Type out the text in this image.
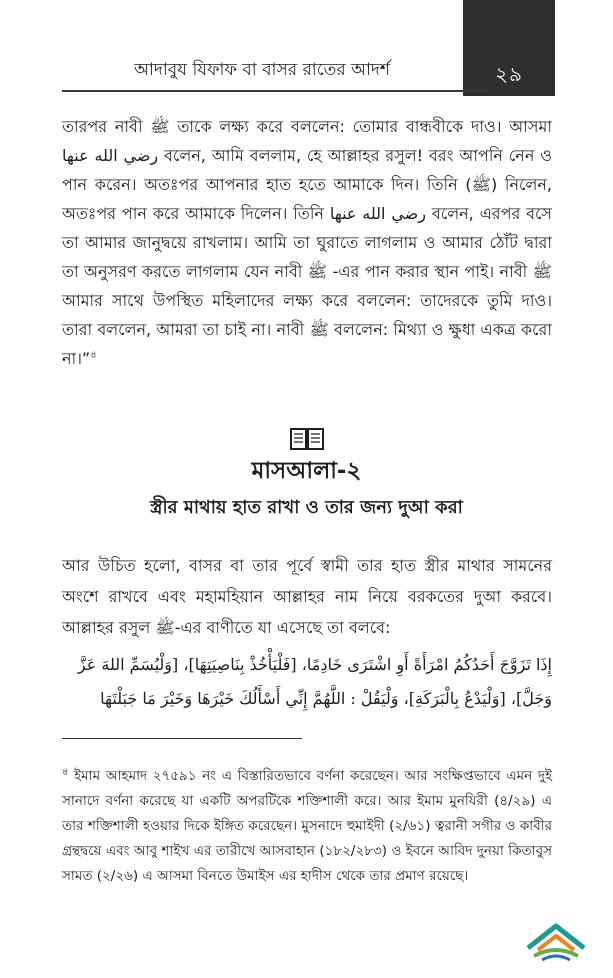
২৯
আদাবুয যিফাফ বা বাসর রাতের আদর্শ

তারপর নাবী ﷺ তাকে লক্ষ্য করে বললেন: তোমার বান্ধবীকে দাও। আসমা رضي الله عنها বলেন, আমি বললাম, হে আল্লাহর রসুল! বরং আপনি নেন ও পান করেন। অতঃপর আপনার হাত হতে আমাকে দিন। তিনি (ﷺ) নিলেন, অতঃপর পান করে আমাকে দিলেন। তিনি رضي الله عنها বলেন, এরপর বসে তা আমার জানুদ্বয়ে রাখলাম। আমি তা ঘুরাতে লাগলাম ও আমার ঠোঁট দ্বারা তা অনুসরণ করতে লাগলাম যেন নাবী ﷺ -এর পান করার স্থান পাই। নাবী ﷺ আমার সাথে উপস্থিত মহিলাদের লক্ষ্য করে বললেন: তাদেরকে তুমি দাও। তারা বললেন, আমরা তা চাই না। নাবী ﷺ বললেন: মিথ্যা ও ক্ষুধা একত্র করো না।”$^৪$

মাসআলা-২
স্ত্রীর মাথায় হাত রাখা ও তার জন্য দুআ করা

আর উচিত হলো, বাসর বা তার পূর্বে স্বামী তার হাত স্ত্রীর মাথার সামনের অংশে রাখবে এবং মহামহিয়ান আল্লাহর নাম নিয়ে বরকতের দুআ করবে। আল্লাহর রসুল ﷺ-এর বাণীতে যা এসেছে তা বলবে:

إِذَا تَزَوَّجَ أَحَدُكُمُ امْرَأَةً أَوِ اشْتَرَى خَادِمًا، [فَلْيَأْخُذْ بِنَاصِيَتِهَا]، [وَلْيُسَمِّ اللهَ عَزَّ

وَجَلَّ]، [وَلْيَدْعُ بِالْبَرَكَةِ]، وَلْيَقُلْ : اللَّهُمَّ إِنِّي أَسْأَلُكَ خَيْرَهَا وَخَيْرَ مَا جَبَلْتَهَا

$^৪$ ইমাম আহমাদ ২৭৫৯১ নং এ বিস্তারিতভাবে বর্ণনা করেছেন। আর সংক্ষিপ্তভাবে এমন দুই সানাদে বর্ণনা করেছে যা একটি অপরটিকে শক্তিশালী করে। আর ইমাম মুনযিরী (৪/২৯) এ তার শক্তিশালী হওয়ার দিকে ইঙ্গিত করেছেন। মুসনাদে হুমাইদী (২/৬১) ত্বরানী সগীর ও কাবীর গ্রন্থদ্বয়ে এবং আবু শাইখ এর তারীখে আসবাহান (১৮২/২৮৩) ও ইবনে আবিদ দুনয়া কিতাবুস সামত (২/২৬) এ আসমা বিনতে উমাইস এর হাদীস থেকে তার প্রমাণ রয়েছে।
